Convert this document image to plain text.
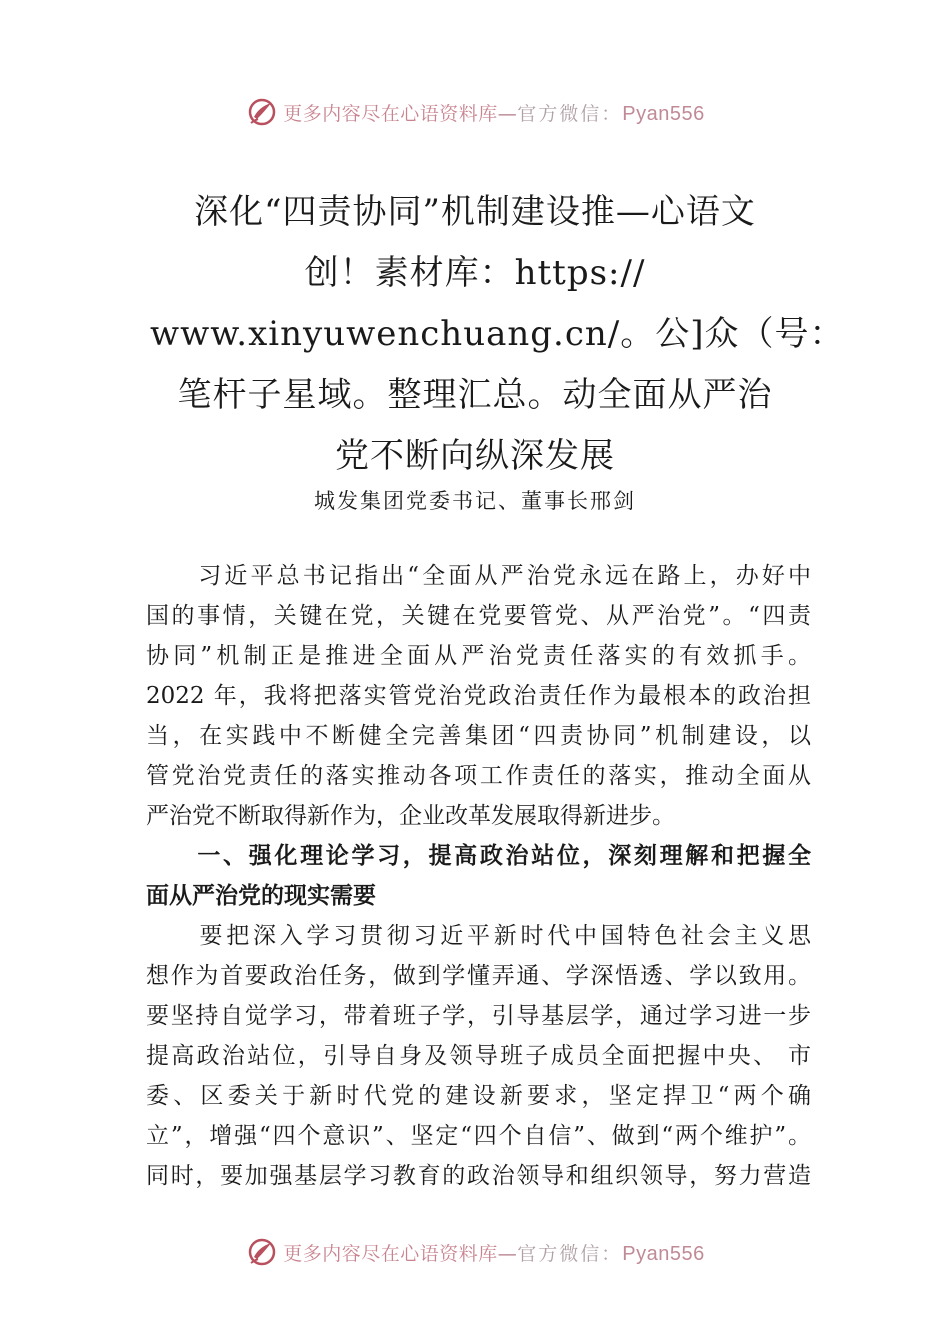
更多内容尽在心语资料库—官方微信：Pyan556
深化“四责协同”机制建设推—心语文
创！素材库：https://
www.xinyuwenchuang.cn/。公]众（号：
笔杆子星域。整理汇总。动全面从严治
党不断向纵深发展
城发集团党委书记、董事长邢剑
　　习近平总书记指出“全面从严治党永远在路上，办好中
国的事情，关键在党，关键在党要管党、从严治党”。“四责
协同”机制正是推进全面从严治党责任落实的有效抓手。
2022 年，我将把落实管党治党政治责任作为最根本的政治担
当，在实践中不断健全完善集团“四责协同”机制建设，以
管党治党责任的落实推动各项工作责任的落实，推动全面从
严治党不断取得新作为，企业改革发展取得新进步。
　　一、强化理论学习，提高政治站位，深刻理解和把握全
面从严治党的现实需要
　　要把深入学习贯彻习近平新时代中国特色社会主义思
想作为首要政治任务，做到学懂弄通、学深悟透、学以致用。
要坚持自觉学习，带着班子学，引导基层学，通过学习进一步
提高政治站位，引导自身及领导班子成员全面把握中央、 市
委、区委关于新时代党的建设新要求，坚定捍卫“两个确
立”，增强“四个意识”、坚定“四个自信”、做到“两个维护”。
同时，要加强基层学习教育的政治领导和组织领导，努力营造
更多内容尽在心语资料库—官方微信：Pyan556
